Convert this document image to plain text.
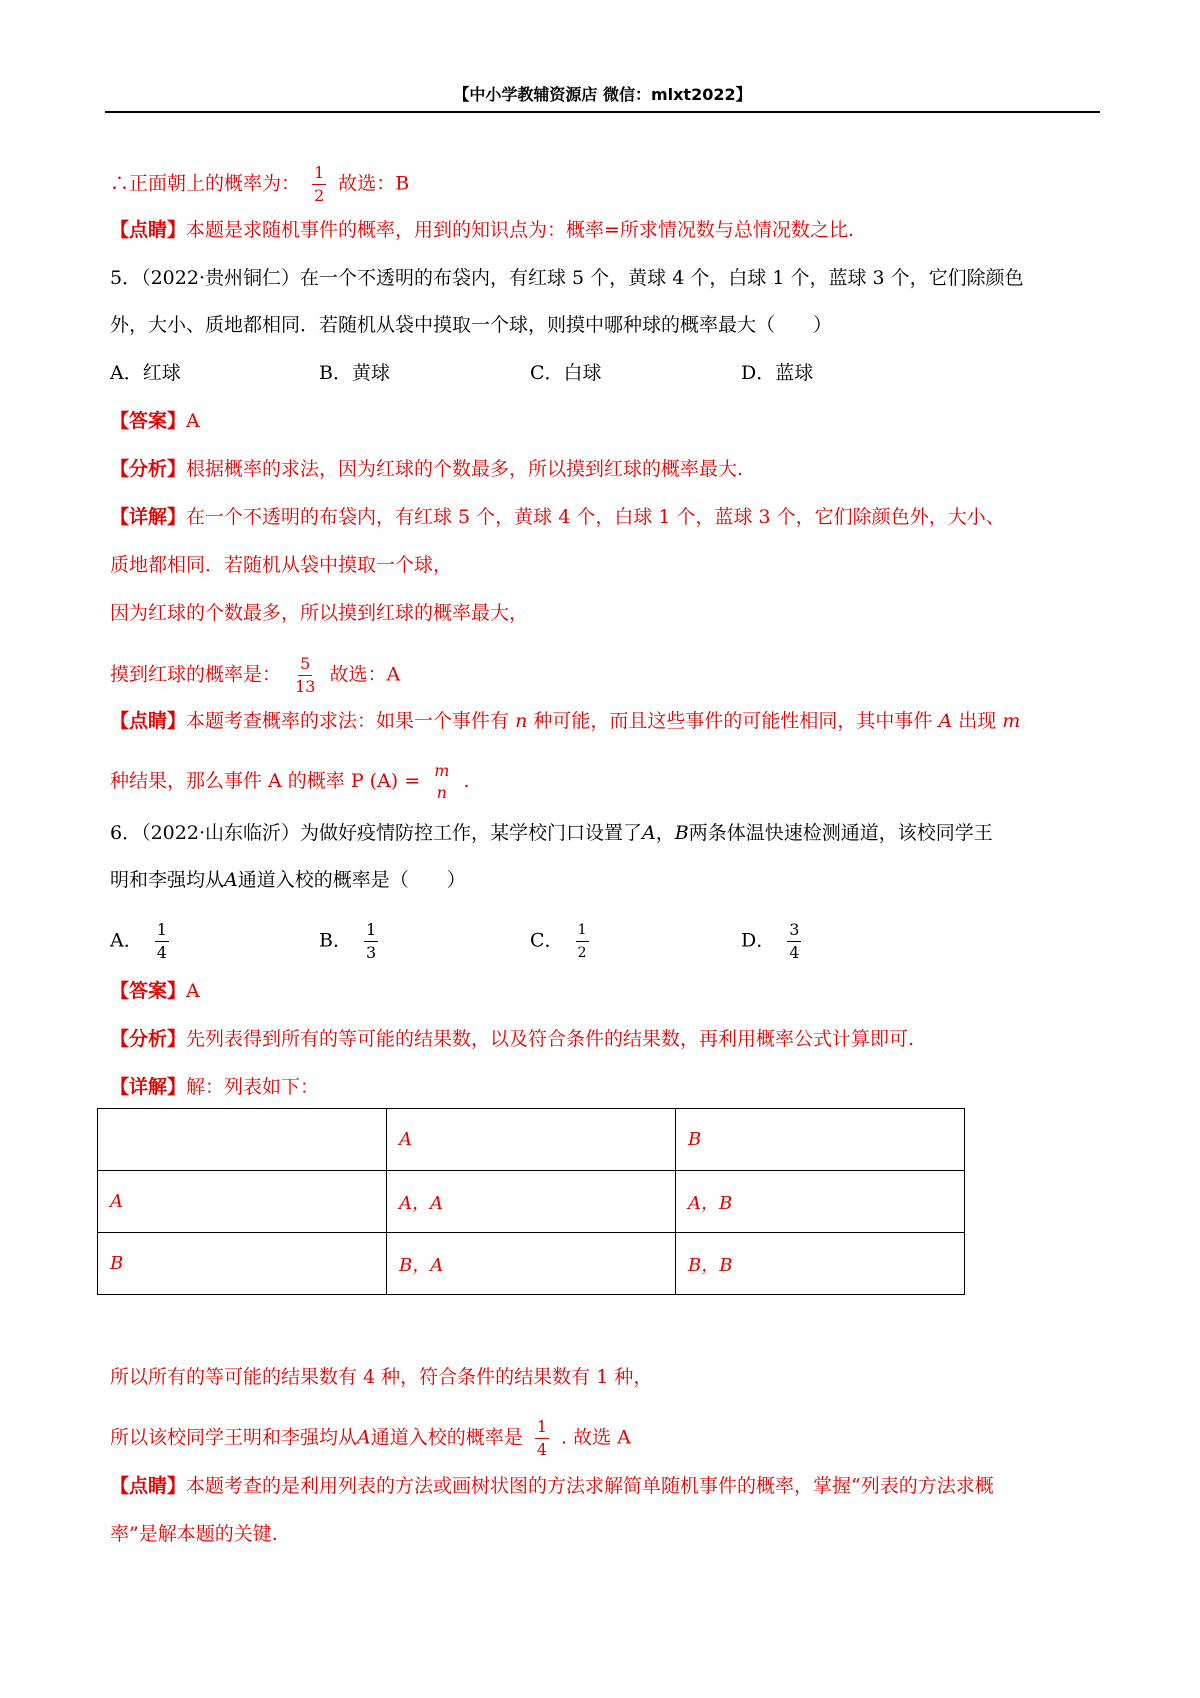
【中小学教辅资源店 微信：mlxt2022】
∴正面朝上的概率为： $\frac{1}{2}$ 故选：B
【点睛】本题是求随机事件的概率，用到的知识点为：概率=所求情况数与总情况数之比.
5．（2022·贵州铜仁）在一个不透明的布袋内，有红球 5 个，黄球 4 个，白球 1 个，蓝球 3 个，它们除颜色
外，大小、质地都相同．若随机从袋中摸取一个球，则摸中哪种球的概率最大（　　）
A．红球	B．黄球	C．白球	D．蓝球
【答案】A
【分析】根据概率的求法，因为红球的个数最多，所以摸到红球的概率最大.
【详解】在一个不透明的布袋内，有红球 5 个，黄球 4 个，白球 1 个，蓝球 3 个，它们除颜色外，大小、
质地都相同．若随机从袋中摸取一个球，
因为红球的个数最多，所以摸到红球的概率最大，
摸到红球的概率是： $\frac{5}{13}$ 故选：A
【点睛】本题考查概率的求法：如果一个事件有 n 种可能，而且这些事件的可能性相同，其中事件 A 出现 m
种结果，那么事件 A 的概率 P (A) = m
n
.
6．（2022·山东临沂）为做好疫情防控工作，某学校门口设置了A，B两条体温快速检测通道，该校同学王
明和李强均从A通道入校的概率是（　　）
A． $\frac{1}{4}$	B． $\frac{1}{3}$	C． $\frac{1}{2}$	D． $\frac{3}{4}$
【答案】A
【分析】先列表得到所有的等可能的结果数，以及符合条件的结果数，再利用概率公式计算即可.
【详解】解：列表如下：
	A	B
A	A，A	A，B
B	B，A	B，B
所以所有的等可能的结果数有 4 种，符合条件的结果数有 1 种，
所以该校同学王明和李强均从A通道入校的概率是 $\frac{1}{4}$ . 故选 A
【点睛】本题考查的是利用列表的方法或画树状图的方法求解简单随机事件的概率，掌握“列表的方法求概
率”是解本题的关键.
